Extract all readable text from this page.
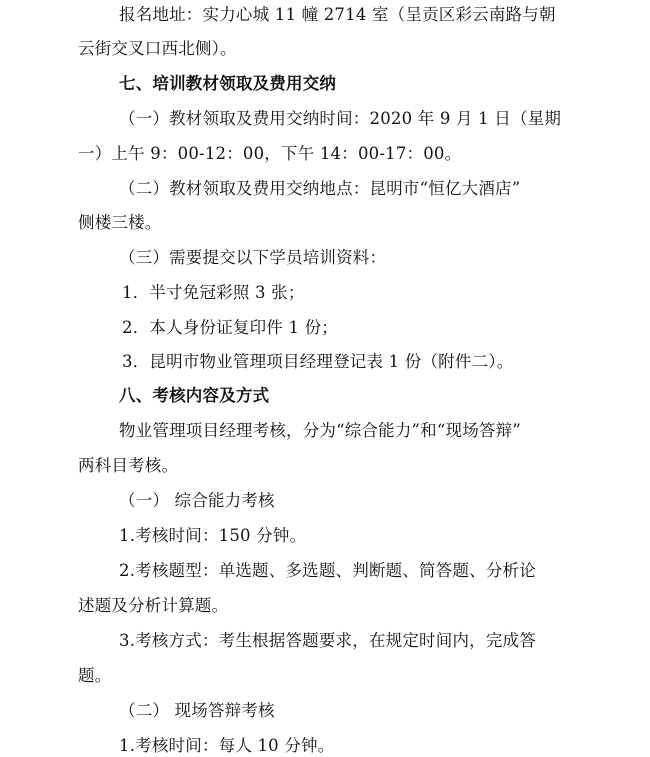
报名地址：实力心城 11 幢 2714 室（呈贡区彩云南路与朝
云街交叉口西北侧）。
七、培训教材领取及费用交纳
（一）教材领取及费用交纳时间：2020 年 9 月 1 日（星期
一）上午 9：00-12：00，下午 14：00-17：00。
（二）教材领取及费用交纳地点：昆明市“恒亿大酒店”
侧楼三楼。
（三）需要提交以下学员培训资料：
1．半寸免冠彩照 3 张；
2．本人身份证复印件 1 份；
3．昆明市物业管理项目经理登记表 1 份（附件二）。
八、考核内容及方式
物业管理项目经理考核，分为“综合能力”和“现场答辩”
两科目考核。
（一） 综合能力考核
1.考核时间：150 分钟。
2.考核题型：单选题、多选题、判断题、简答题、分析论
述题及分析计算题。
3.考核方式：考生根据答题要求，在规定时间内，完成答
题。
（二） 现场答辩考核
1.考核时间：每人 10 分钟。
